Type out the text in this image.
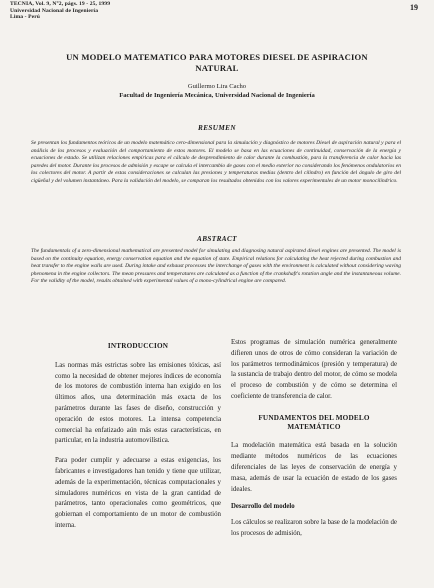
TECNIA, Vol. 9, N°2, págs. 19 - 25, 1999
Universidad Nacional de Ingeniería
Lima - Perú
19
UN MODELO MATEMATICO PARA MOTORES DIESEL DE ASPIRACION NATURAL
Guillermo Lira Cacho
Facultad de Ingeniería Mecánica, Universidad Nacional de Ingeniería
RESUMEN
Se presentan los fundamentos teóricos de un modelo matemático cero-dimensional para la simulación y diagnóstico de motores Diesel de aspiración natural y para el análisis de los procesos y evaluación del comportamiento de estos motores. El modelo se basa en las ecuaciones de continuidad, conservación de la energía y ecuaciones de estado. Se utilizan relaciones empíricas para el cálculo de desprendimiento de calor durante la combustión, para la transferencia de calor hacia las paredes del motor. Durante los procesos de admisión y escape se calcula el intercambio de gases con el medio exterior no considerando los fenómenos ondulatorios en los colectores del motor. A partir de estas consideraciones se calculan las presiones y temperaturas medias (dentro del cilindro) en función del ángulo de giro del cigüeñal y del volumen instantáneo. Para la validación del modelo, se comparan los resultados obtenidos con los valores experimentales de un motor monocilíndrico.
ABSTRACT
The fundamentals of a zero-dimensional mathematical are presented model for simulating and diagnosing natural aspirated diesel engines are presented. The model is based on the continuity equation, energy conservation equation and the equation of state. Empirical relations for calculating the heat rejected during combustion and heat transfer to the engine walls are used. During intake and exhaust processes the interchange of gases with the environment is calculated without considering waving phenomena in the engine collectors. The mean pressures and temperatures are calculated as a function of the crankshaft's rotation angle and the instantaneous volume. For the validity of the model, results obtained with experimental values of a mono-cylindrical engine are compared.

INTRODUCCION

Las normas más estrictas sobre las emisiones tóxicas, así como la necesidad de obtener mejores índices de economía de los motores de combustión interna han exigido en los últimos años, una determinación más exacta de los parámetros durante las fases de diseño, construcción y operación de estos motores. La intensa competencia comercial ha enfatizado aún más estas características, en particular, en la industria automovilística.

Para poder cumplir y adecuarse a estas exigencias, los fabricantes e investigadores han tenido y tiene que utilizar, además de la experimentación, técnicas computacionales y simuladores numéricos en vista de la gran cantidad de parámetros, tanto operacionales como geométricos, que gobiernan el comportamiento de un motor de combustión interna.

Estos programas de simulación numérica generalmente difieren unos de otros de cómo consideran la variación de los parámetros termodinámicos (presión y temperatura) de la sustancia de trabajo dentro del motor, de cómo se modela el proceso de combustión y de cómo se determina el coeficiente de transferencia de calor.

FUNDAMENTOS DEL MODELO MATEMÁTICO

La modelación matemática está basada en la solución mediante métodos numéricos de las ecuaciones diferenciales de las leyes de conservación de energía y masa, además de usar la ecuación de estado de los gases ideales.

Desarrollo del modelo

Los cálculos se realizaron sobre la base de la modelación de los procesos de admisión,
